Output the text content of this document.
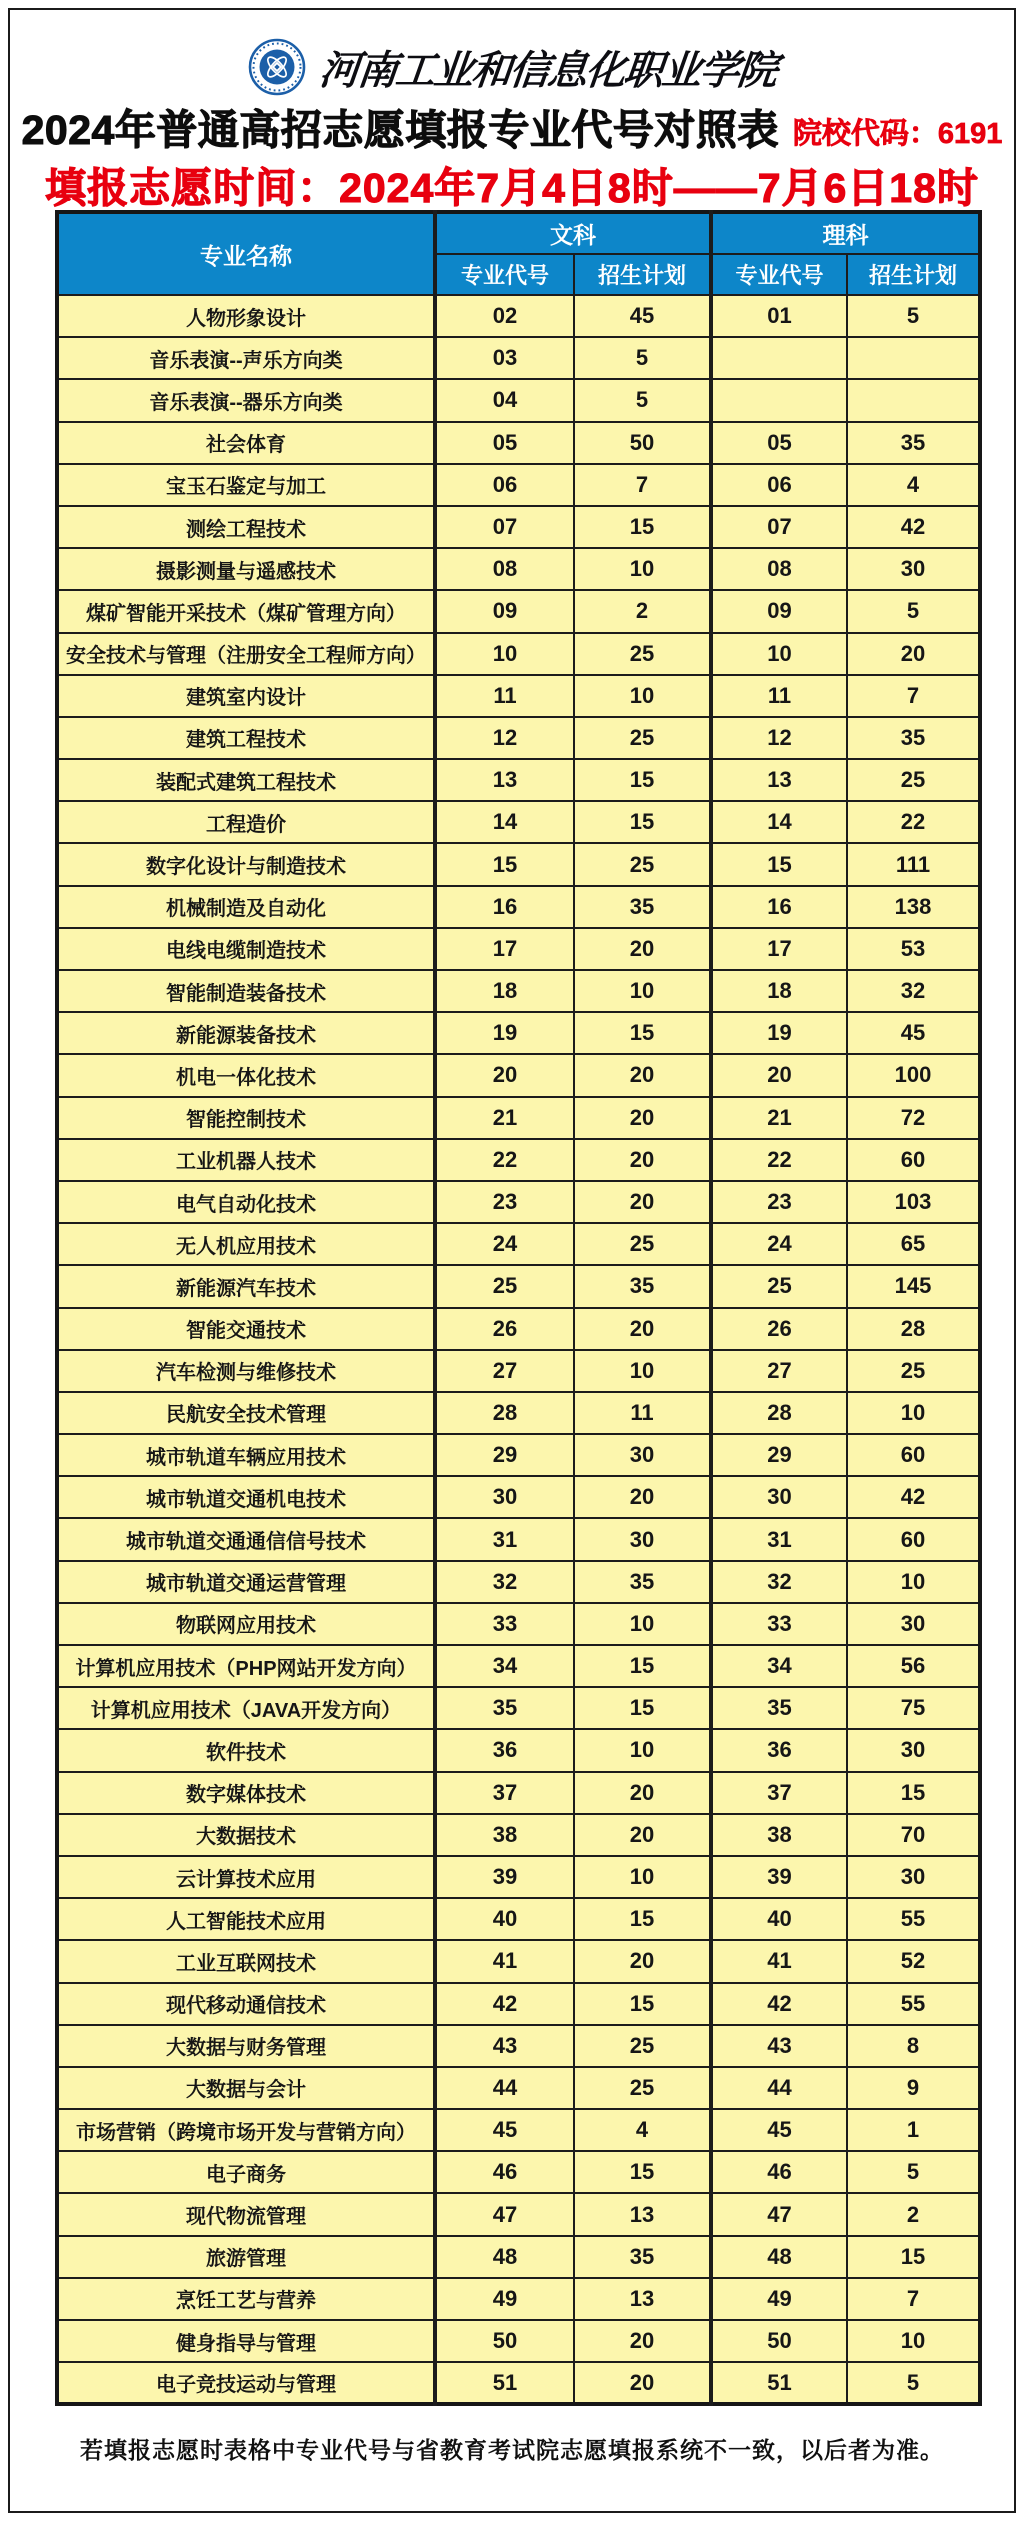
河南工业和信息化职业学院
2024年普通高招志愿填报专业代号对照表 院校代码：6191
填报志愿时间：2024年7月4日8时——7月6日18时
专业名称	文科		理科	
	专业代号	招生计划	专业代号	招生计划
人物形象设计	02	45	01	5
音乐表演--声乐方向类	03	5		
音乐表演--器乐方向类	04	5		
社会体育	05	50	05	35
宝玉石鉴定与加工	06	7	06	4
测绘工程技术	07	15	07	42
摄影测量与遥感技术	08	10	08	30
煤矿智能开采技术（煤矿管理方向）	09	2	09	5
安全技术与管理（注册安全工程师方向）	10	25	10	20
建筑室内设计	11	10	11	7
建筑工程技术	12	25	12	35
装配式建筑工程技术	13	15	13	25
工程造价	14	15	14	22
数字化设计与制造技术	15	25	15	111
机械制造及自动化	16	35	16	138
电线电缆制造技术	17	20	17	53
智能制造装备技术	18	10	18	32
新能源装备技术	19	15	19	45
机电一体化技术	20	20	20	100
智能控制技术	21	20	21	72
工业机器人技术	22	20	22	60
电气自动化技术	23	20	23	103
无人机应用技术	24	25	24	65
新能源汽车技术	25	35	25	145
智能交通技术	26	20	26	28
汽车检测与维修技术	27	10	27	25
民航安全技术管理	28	11	28	10
城市轨道车辆应用技术	29	30	29	60
城市轨道交通机电技术	30	20	30	42
城市轨道交通通信信号技术	31	30	31	60
城市轨道交通运营管理	32	35	32	10
物联网应用技术	33	10	33	30
计算机应用技术（PHP网站开发方向）	34	15	34	56
计算机应用技术（JAVA开发方向）	35	15	35	75
软件技术	36	10	36	30
数字媒体技术	37	20	37	15
大数据技术	38	20	38	70
云计算技术应用	39	10	39	30
人工智能技术应用	40	15	40	55
工业互联网技术	41	20	41	52
现代移动通信技术	42	15	42	55
大数据与财务管理	43	25	43	8
大数据与会计	44	25	44	9
市场营销（跨境市场开发与营销方向）	45	4	45	1
电子商务	46	15	46	5
现代物流管理	47	13	47	2
旅游管理	48	35	48	15
烹饪工艺与营养	49	13	49	7
健身指导与管理	50	20	50	10
电子竞技运动与管理	51	20	51	5
若填报志愿时表格中专业代号与省教育考试院志愿填报系统不一致，以后者为准。
